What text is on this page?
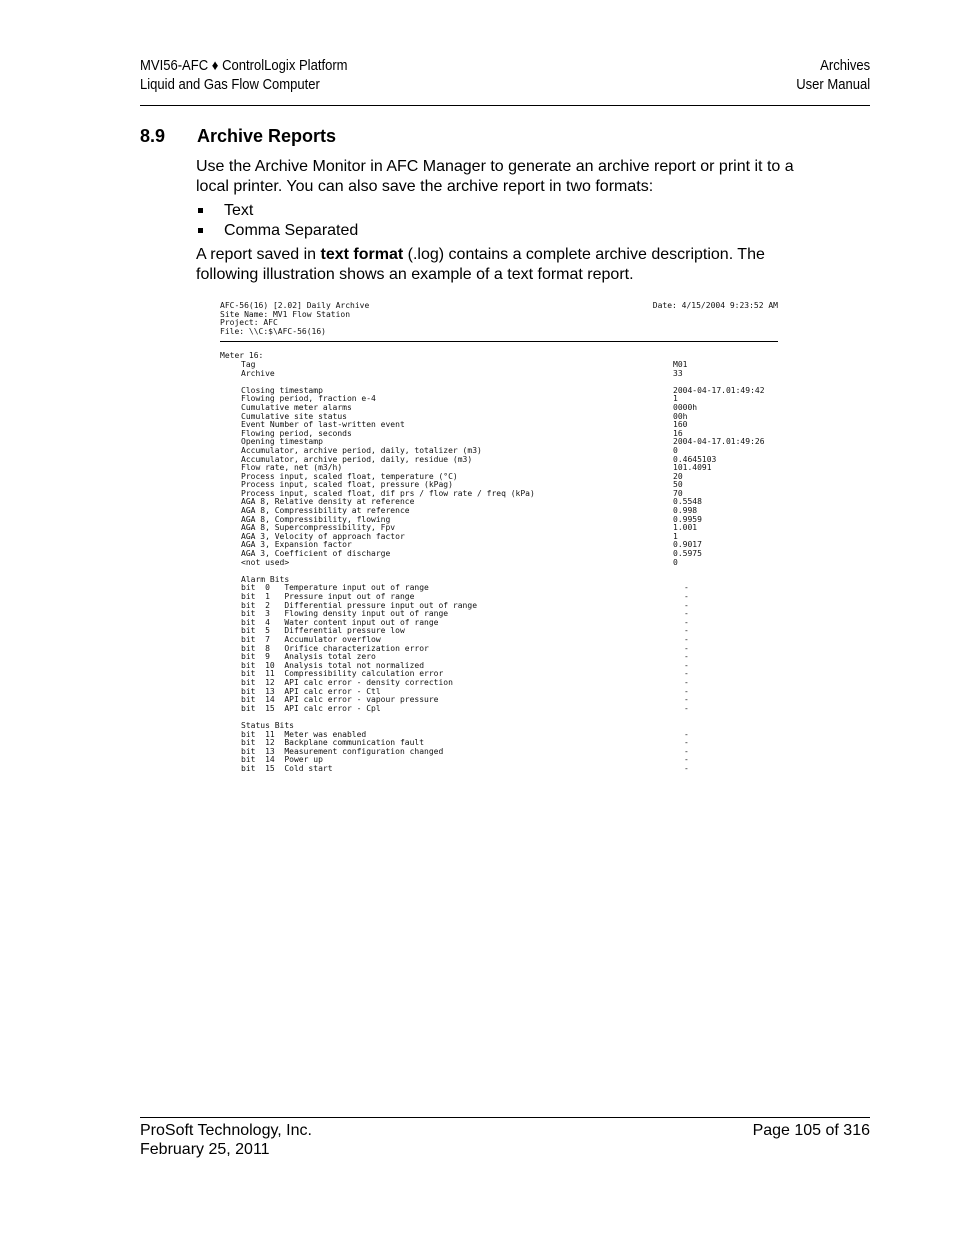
MVI56-AFC ♦ ControlLogix Platform
Liquid and Gas Flow Computer
Archives
User Manual
8.9 Archive Reports
Use the Archive Monitor in AFC Manager to generate an archive report or print it to a local printer. You can also save the archive report in two formats:
Text
Comma Separated
A report saved in text format (.log) contains a complete archive description. The following illustration shows an example of a text format report.
AFC-56(16) [2.02] Daily Archive	Date: 4/15/2004 9:23:52 AM
Site Name: MV1 Flow Station
Project: AFC
File: \\C:$\AFC-56(16)
Meter 16:
Tag	M01
Archive	33
Closing timestamp	2004-04-17.01:49:42
Flowing period, fraction e-4	1
Cumulative meter alarms	0000h
Cumulative site status	00h
Event Number of last-written event	160
Flowing period, seconds	16
Opening timestamp	2004-04-17.01:49:26
Accumulator, archive period, daily, totalizer (m3)	0
Accumulator, archive period, daily, residue (m3)	0.4645103
Flow rate, net (m3/h)	101.4091
Process input, scaled float, temperature (°C)	20
Process input, scaled float, pressure (kPag)	50
Process input, scaled float, dif prs / flow rate / freq (kPa)	70
AGA 8, Relative density at reference	0.5548
AGA 8, Compressibility at reference	0.998
AGA 8, Compressibility, flowing	0.9959
AGA 8, Supercompressibility, Fpv	1.001
AGA 3, Velocity of approach factor	1
AGA 3, Expansion factor	0.9017
AGA 3, Coefficient of discharge	0.5975
<not used>	0
Alarm Bits
bit  0   Temperature input out of range	-
bit  1   Pressure input out of range	-
bit  2   Differential pressure input out of range	-
bit  3   Flowing density input out of range	-
bit  4   Water content input out of range	-
bit  5   Differential pressure low	-
bit  7   Accumulator overflow	-
bit  8   Orifice characterization error	-
bit  9   Analysis total zero	-
bit  10  Analysis total not normalized	-
bit  11  Compressibility calculation error	-
bit  12  API calc error - density correction	-
bit  13  API calc error - Ctl	-
bit  14  API calc error - vapour pressure	-
bit  15  API calc error - Cpl	-
Status Bits
bit  11  Meter was enabled	-
bit  12  Backplane communication fault	-
bit  13  Measurement configuration changed	-
bit  14  Power up	-
bit  15  Cold start	-
ProSoft Technology, Inc.
February 25, 2011
Page 105 of 316
